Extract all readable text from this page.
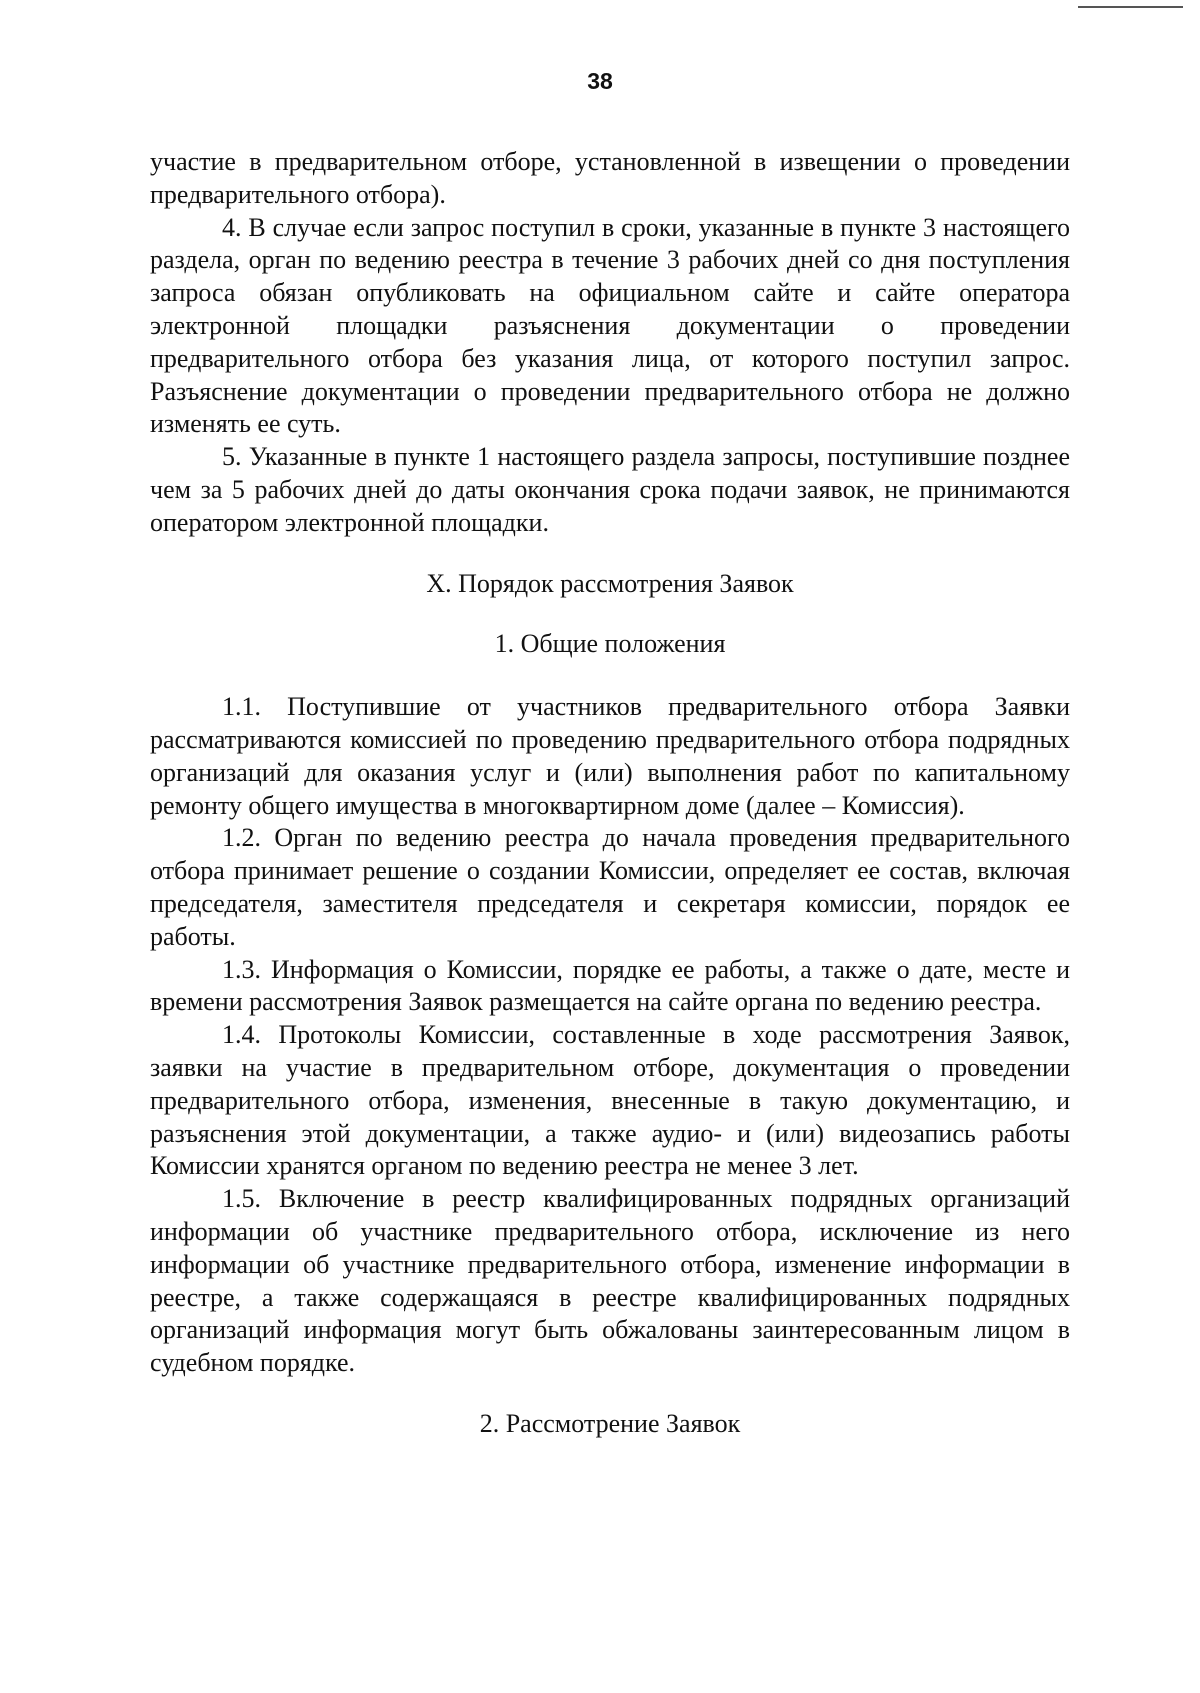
38

участие в предварительном отборе, установленной в извещении о проведении предварительного отбора).

4. В случае если запрос поступил в сроки, указанные в пункте 3 настоящего раздела, орган по ведению реестра в течение 3 рабочих дней со дня поступления запроса обязан опубликовать на официальном сайте и сайте оператора электронной площадки разъяснения документации о проведении предварительного отбора без указания лица, от которого поступил запрос. Разъяснение документации о проведении предварительного отбора не должно изменять ее суть.

5. Указанные в пункте 1 настоящего раздела запросы, поступившие позднее чем за 5 рабочих дней до даты окончания срока подачи заявок, не принимаются оператором электронной площадки.

X. Порядок рассмотрения Заявок
1. Общие положения

1.1. Поступившие от участников предварительного отбора Заявки рассматриваются комиссией по проведению предварительного отбора подрядных организаций для оказания услуг и (или) выполнения работ по капитальному ремонту общего имущества в многоквартирном доме (далее – Комиссия).

1.2. Орган по ведению реестра до начала проведения предварительного отбора принимает решение о создании Комиссии, определяет ее состав, включая председателя, заместителя председателя и секретаря комиссии, порядок ее работы.

1.3. Информация о Комиссии, порядке ее работы, а также о дате, месте и времени рассмотрения Заявок размещается на сайте органа по ведению реестра.

1.4. Протоколы Комиссии, составленные в ходе рассмотрения Заявок, заявки на участие в предварительном отборе, документация о проведении предварительного отбора, изменения, внесенные в такую документацию, и разъяснения этой документации, а также аудио- и (или) видеозапись работы Комиссии хранятся органом по ведению реестра не менее 3 лет.

1.5. Включение в реестр квалифицированных подрядных организаций информации об участнике предварительного отбора, исключение из него информации об участнике предварительного отбора, изменение информации в реестре, а также содержащаяся в реестре квалифицированных подрядных организаций информация могут быть обжалованы заинтересованным лицом в судебном порядке.

2. Рассмотрение Заявок
